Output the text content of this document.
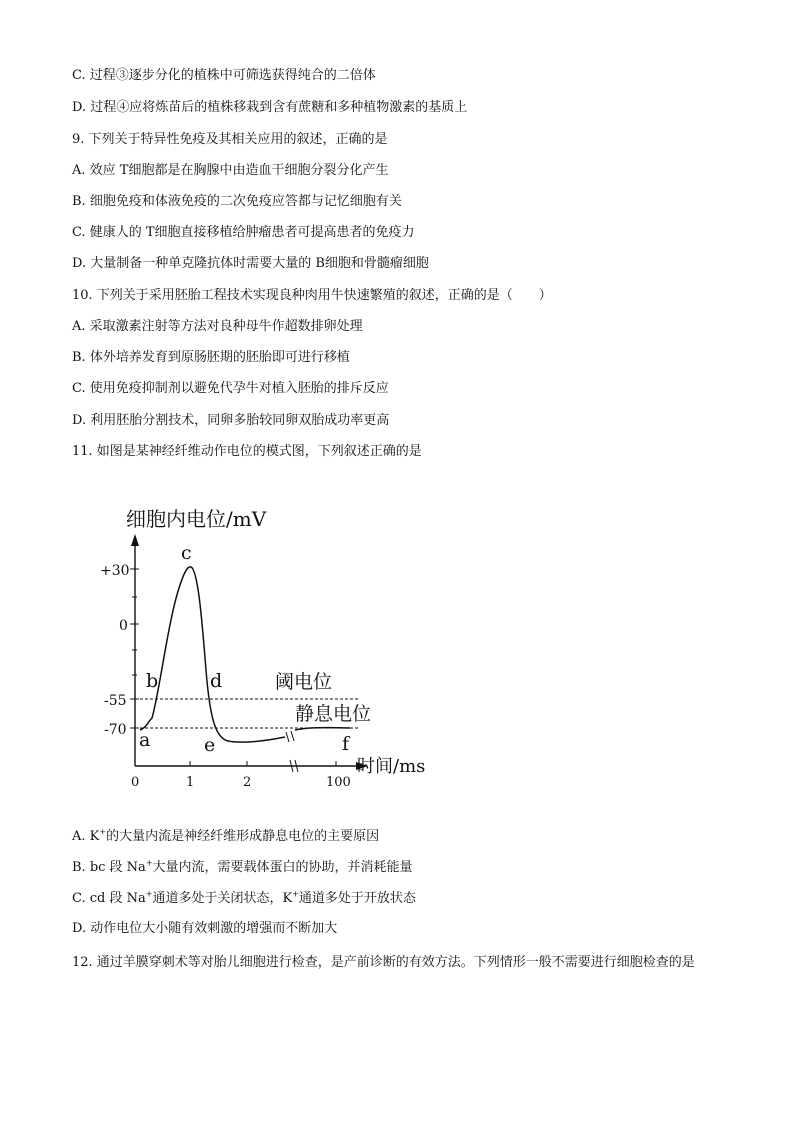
C. 过程③逐步分化的植株中可筛选获得纯合的二倍体
D. 过程④应将炼苗后的植株移栽到含有蔗糖和多种植物激素的基质上
9. 下列关于特异性免疫及其相关应用的叙述，正确的是
A. 效应 T细胞都是在胸腺中由造血干细胞分裂分化产生
B. 细胞免疫和体液免疫的二次免疫应答都与记忆细胞有关
C. 健康人的 T细胞直接移植给肿瘤患者可提高患者的免疫力
D. 大量制备一种单克隆抗体时需要大量的 B细胞和骨髓瘤细胞
10. 下列关于采用胚胎工程技术实现良种肉用牛快速繁殖的叙述，正确的是（　　）
A. 采取激素注射等方法对良种母牛作超数排卵处理
B. 体外培养发育到原肠胚期的胚胎即可进行移植
C. 使用免疫抑制剂以避免代孕牛对植入胚胎的排斥反应
D. 利用胚胎分割技术，同卵多胎较同卵双胎成功率更高
11. 如图是某神经纤维动作电位的模式图，下列叙述正确的是
细胞内电位/mV
时间/ms
+30
0
-55
-70
0	1	2	100
a
b
c
d
e	f
阈电位
静息电位
A. K+的大量内流是神经纤维形成静息电位的主要原因
B. bc 段 Na+大量内流，需要载体蛋白的协助，并消耗能量
C. cd 段 Na+通道多处于关闭状态，K+通道多处于开放状态
D. 动作电位大小随有效刺激的增强而不断加大
12. 通过羊膜穿刺术等对胎儿细胞进行检查，是产前诊断的有效方法。下列情形一般不需要进行细胞检查的是
